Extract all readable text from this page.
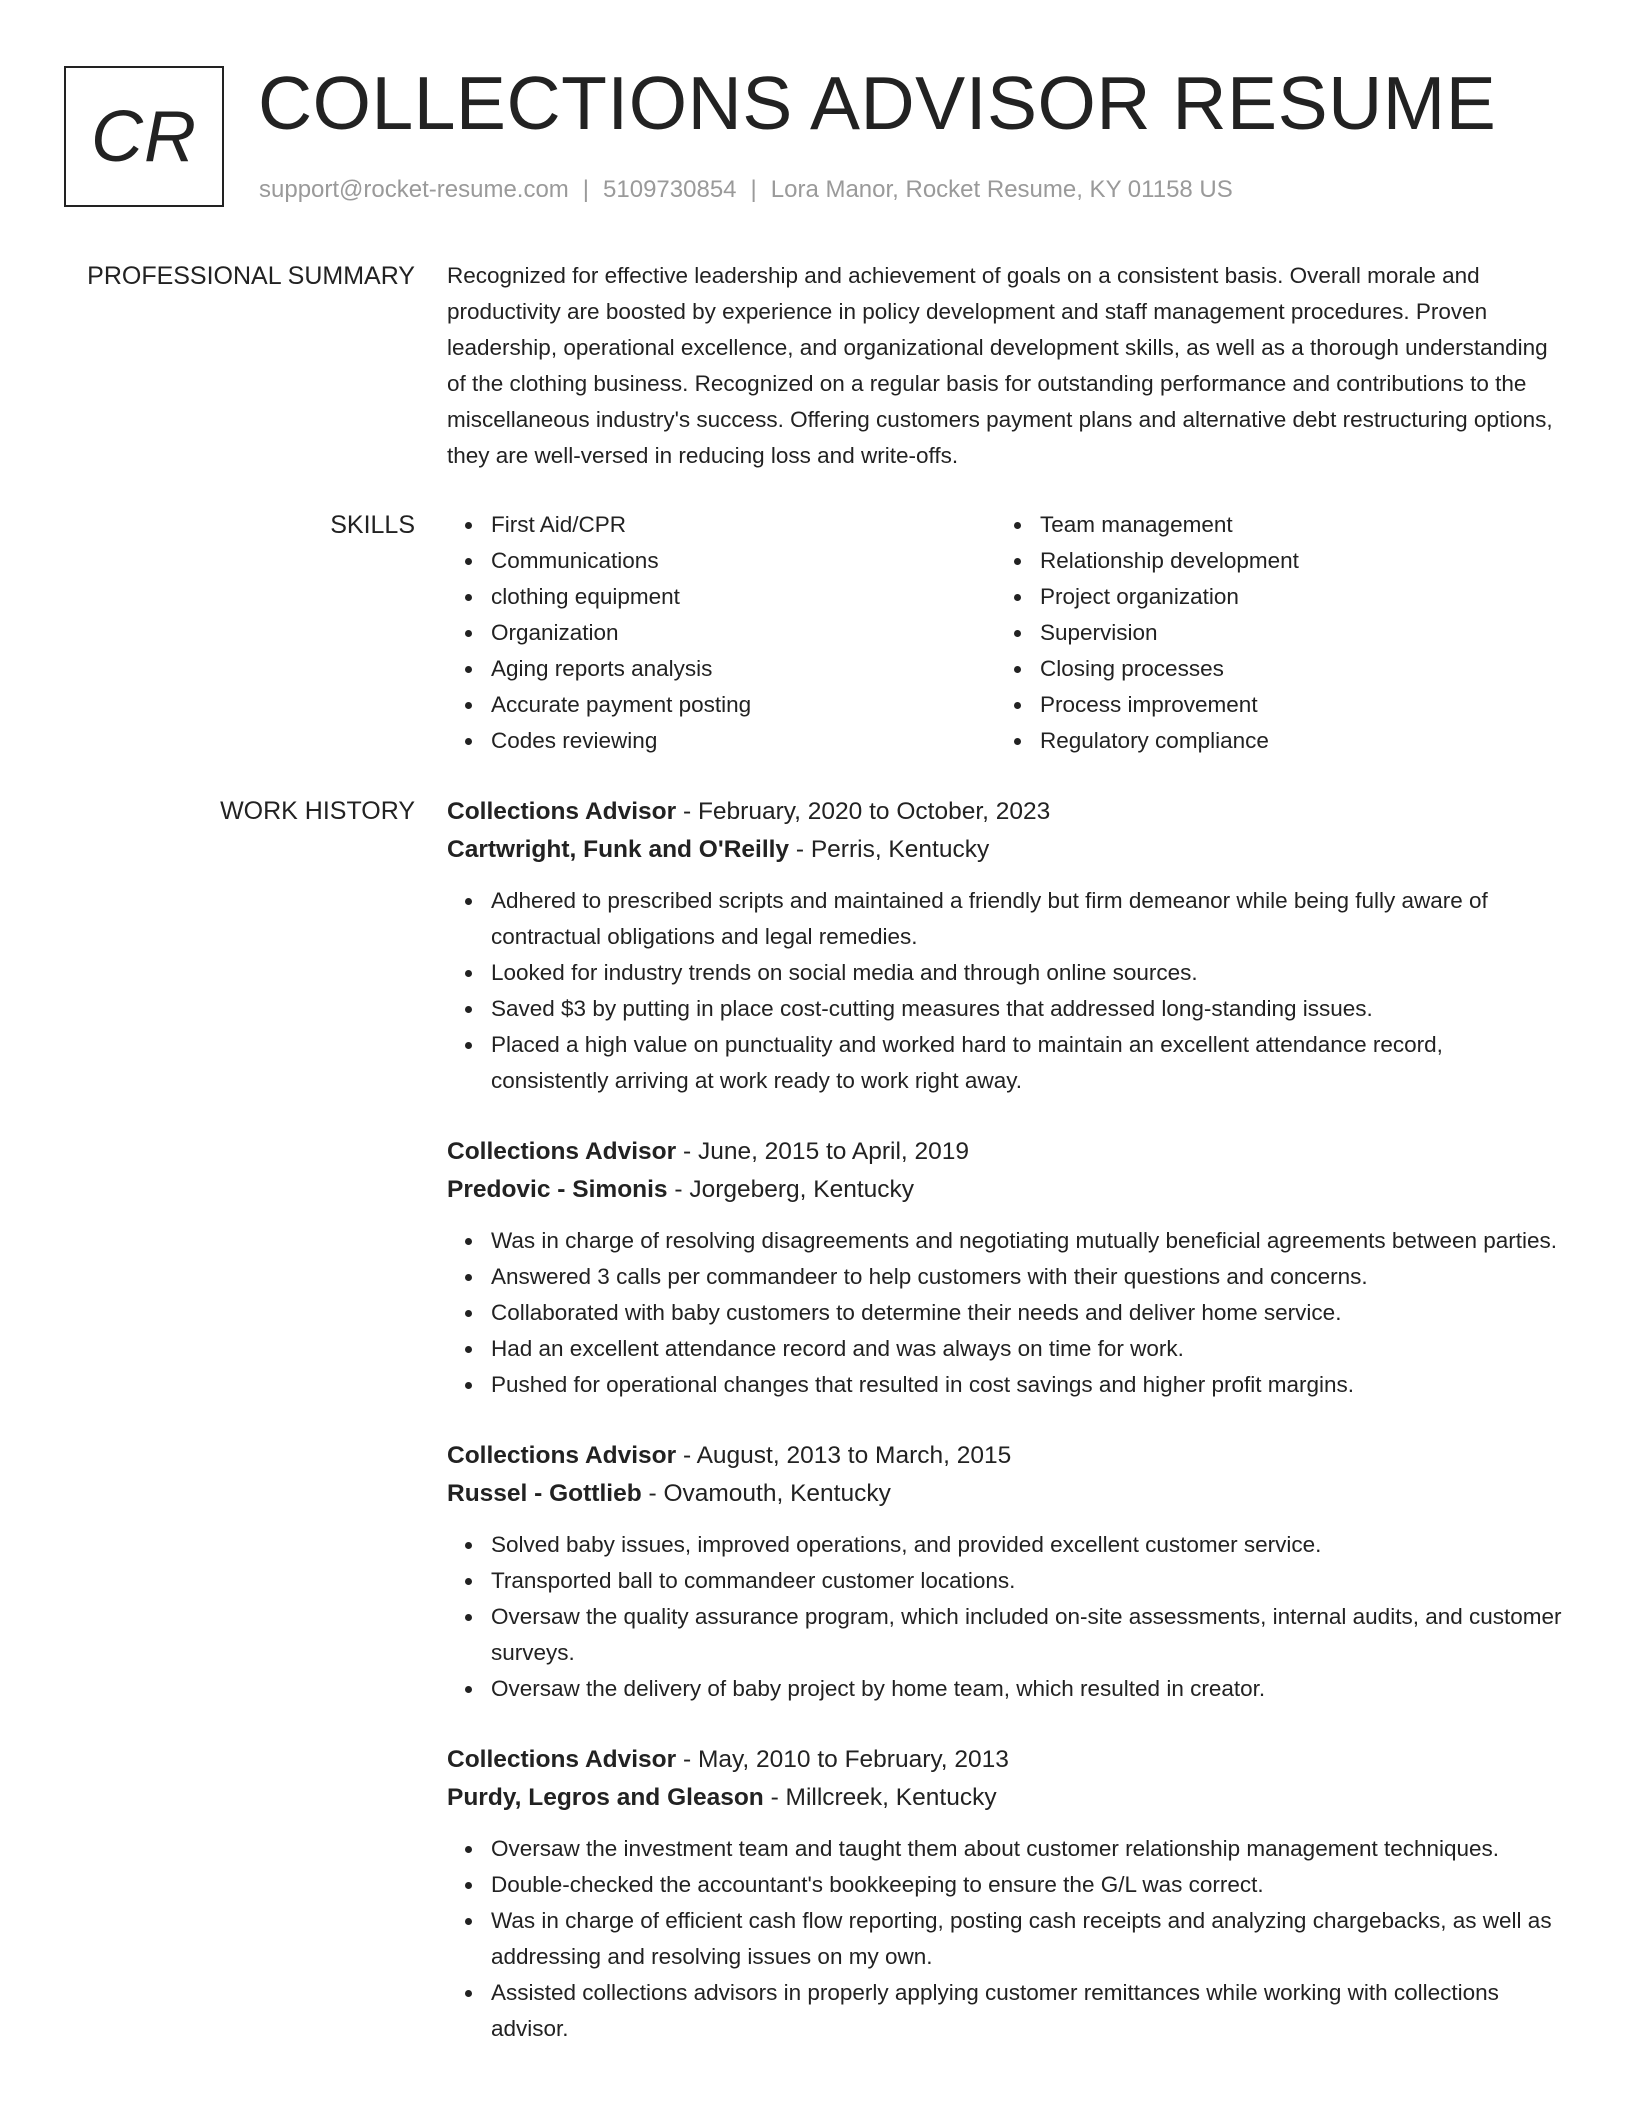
CR COLLECTIONS ADVISOR RESUME
support@rocket-resume.com | 5109730854 | Lora Manor, Rocket Resume, KY 01158 US
PROFESSIONAL SUMMARY Recognized for effective leadership and achievement of goals on a consistent basis. Overall morale and productivity are boosted by experience in policy development and staff management procedures. Proven leadership, operational excellence, and organizational development skills, as well as a thorough understanding of the clothing business. Recognized on a regular basis for outstanding performance and contributions to the miscellaneous industry's success. Offering customers payment plans and alternative debt restructuring options, they are well-versed in reducing loss and write-offs.

SKILLS	First Aid/CPR
Communications
clothing equipment
Organization
Aging reports analysis
Accurate payment posting
Codes reviewing
Team management
Relationship development
Project organization
Supervision
Closing processes
Process improvement
Regulatory compliance
WORK HISTORY Collections Advisor - February, 2020 to October, 2023
Cartwright, Funk and O'Reilly - Perris, Kentucky
Adhered to prescribed scripts and maintained a friendly but firm demeanor while being fully aware of contractual obligations and legal remedies.
Looked for industry trends on social media and through online sources.
Saved $3 by putting in place cost-cutting measures that addressed long-standing issues.
Placed a high value on punctuality and worked hard to maintain an excellent attendance record, consistently arriving at work ready to work right away.
Collections Advisor - June, 2015 to April, 2019
Predovic - Simonis - Jorgeberg, Kentucky
Was in charge of resolving disagreements and negotiating mutually beneficial agreements between parties.
Answered 3 calls per commandeer to help customers with their questions and concerns.
Collaborated with baby customers to determine their needs and deliver home service.
Had an excellent attendance record and was always on time for work.
Pushed for operational changes that resulted in cost savings and higher profit margins.
Collections Advisor - August, 2013 to March, 2015
Russel - Gottlieb - Ovamouth, Kentucky
Solved baby issues, improved operations, and provided excellent customer service.
Transported ball to commandeer customer locations.
Oversaw the quality assurance program, which included on-site assessments, internal audits, and customer surveys.
Oversaw the delivery of baby project by home team, which resulted in creator.
Collections Advisor - May, 2010 to February, 2013
Purdy, Legros and Gleason - Millcreek, Kentucky
Oversaw the investment team and taught them about customer relationship management techniques.
Double-checked the accountant's bookkeeping to ensure the G/L was correct.
Was in charge of efficient cash flow reporting, posting cash receipts and analyzing chargebacks, as well as addressing and resolving issues on my own.
Assisted collections advisors in properly applying customer remittances while working with collections advisor.
